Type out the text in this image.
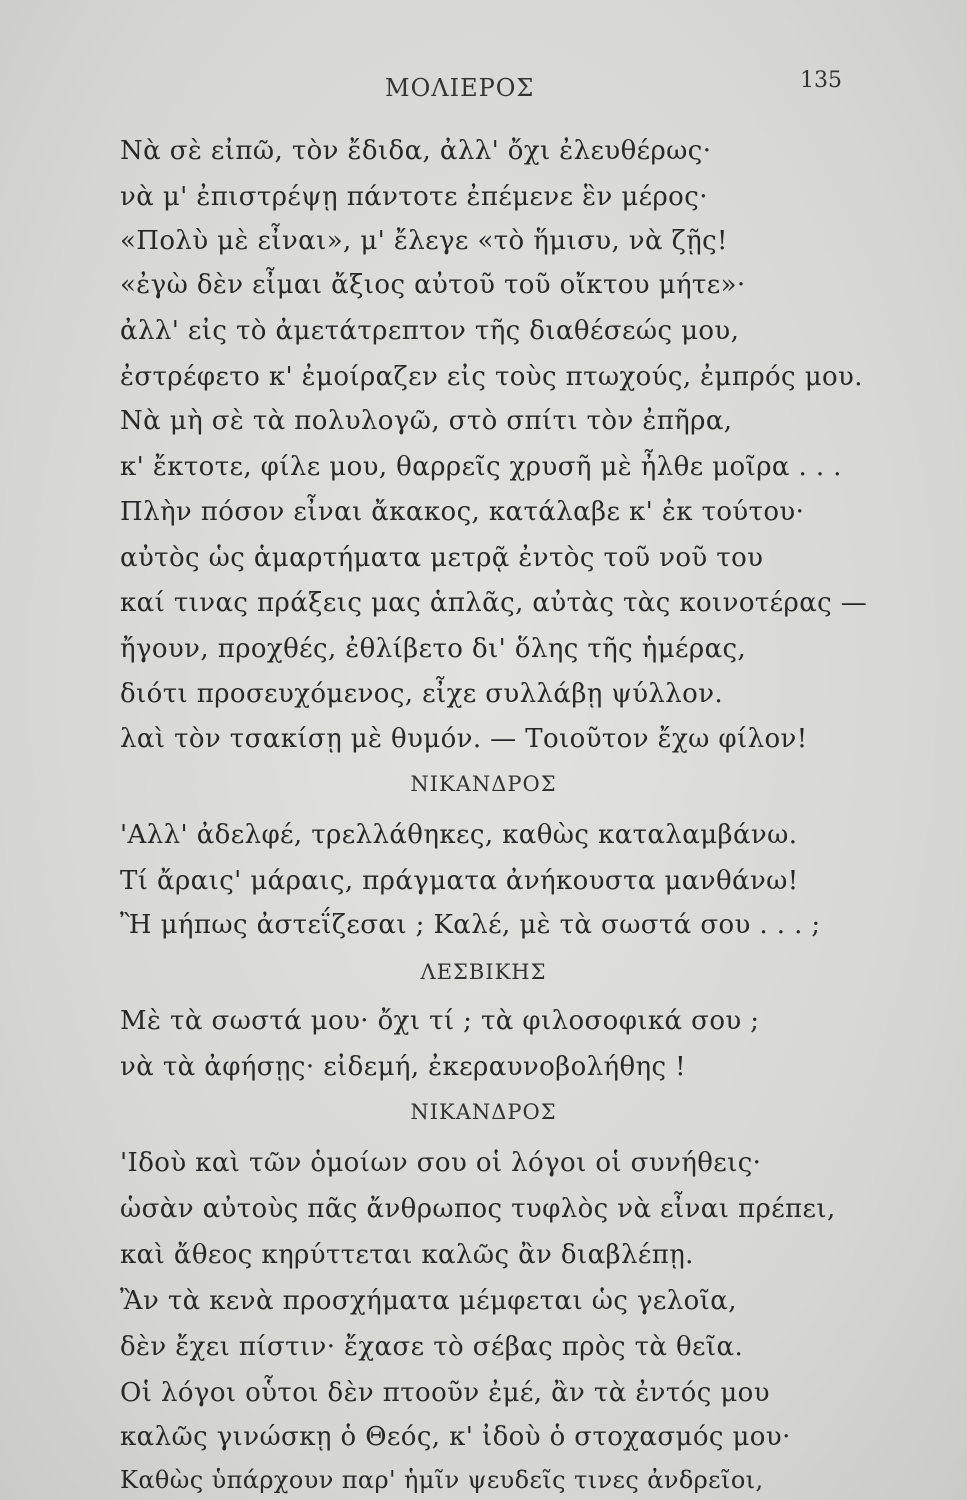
ΜΟΛΙΕΡΟΣ	135
Νὰ σὲ εἰπῶ, τὸν ἔδιδα, ἀλλ' ὄχι ἐλευθέρως·
νὰ μ' ἐπιστρέψῃ πάντοτε ἐπέμενε ἓν μέρος·
«Πολὺ μὲ εἶναι», μ' ἔλεγε «τὸ ἥμισυ, νὰ ζῇς!
«ἐγὼ δὲν εἶμαι ἄξιος αὐτοῦ τοῦ οἴκτου μήτε»·
ἀλλ' εἰς τὸ ἀμετάτρεπτον τῆς διαθέσεώς μου,
ἐστρέφετο κ' ἐμοίραζεν εἰς τοὺς πτωχούς, ἐμπρός μου.
Νὰ μὴ σὲ τὰ πολυλογῶ, στὸ σπίτι τὸν ἐπῆρα,
κ' ἔκτοτε, φίλε μου, θαρρεῖς χρυσῆ μὲ ἦλθε μοῖρα . . .
Πλὴν πόσον εἶναι ἄκακος, κατάλαβε κ' ἐκ τούτου·
αὐτὸς ὡς ἁμαρτήματα μετρᾷ ἐντὸς τοῦ νοῦ του
καί τινας πράξεις μας ἁπλᾶς, αὐτὰς τὰς κοινοτέρας —
ἤγουν, προχθές, ἐθλίβετο δι' ὅλης τῆς ἡμέρας,
διότι προσευχόμενος, εἶχε συλλάβῃ ψύλλον.
λαὶ τὸν τσακίσῃ μὲ θυμόν. — Τοιοῦτον ἔχω φίλον!
ΝΙΚΑΝΔΡΟΣ
'Αλλ' ἀδελφέ, τρελλάθηκες, καθὼς καταλαμβάνω.
Τί ἄραις' μάραις, πράγματα ἀνήκουστα μανθάνω!
Ἢ μήπως ἀστεΐζεσαι ; Καλέ, μὲ τὰ σωστά σου . . . ;
ΛΕΣΒΙΚΗΣ
Μὲ τὰ σωστά μου· ὄχι τί ; τὰ φιλοσοφικά σου ;
νὰ τὰ ἀφήσῃς· εἰδεμή, ἐκεραυνοβολήθης !
ΝΙΚΑΝΔΡΟΣ
'Ιδοὺ καὶ τῶν ὁμοίων σου οἱ λόγοι οἱ συνήθεις·
ὡσὰν αὐτοὺς πᾶς ἄνθρωπος τυφλὸς νὰ εἶναι πρέπει,
καὶ ἄθεος κηρύττεται καλῶς ἂν διαβλέπῃ.
Ἂν τὰ κενὰ προσχήματα μέμφεται ὡς γελοῖα,
δὲν ἔχει πίστιν· ἔχασε τὸ σέβας πρὸς τὰ θεῖα.
Οἱ λόγοι οὗτοι δὲν πτοοῦν ἐμέ, ἂν τὰ ἐντός μου
καλῶς γινώσκῃ ὁ Θεός, κ' ἰδοὺ ὁ στοχασμός μου·
Καθὼς ὑπάρχουν παρ' ἡμῖν ψευδεῖς τινες ἀνδρεῖοι,
